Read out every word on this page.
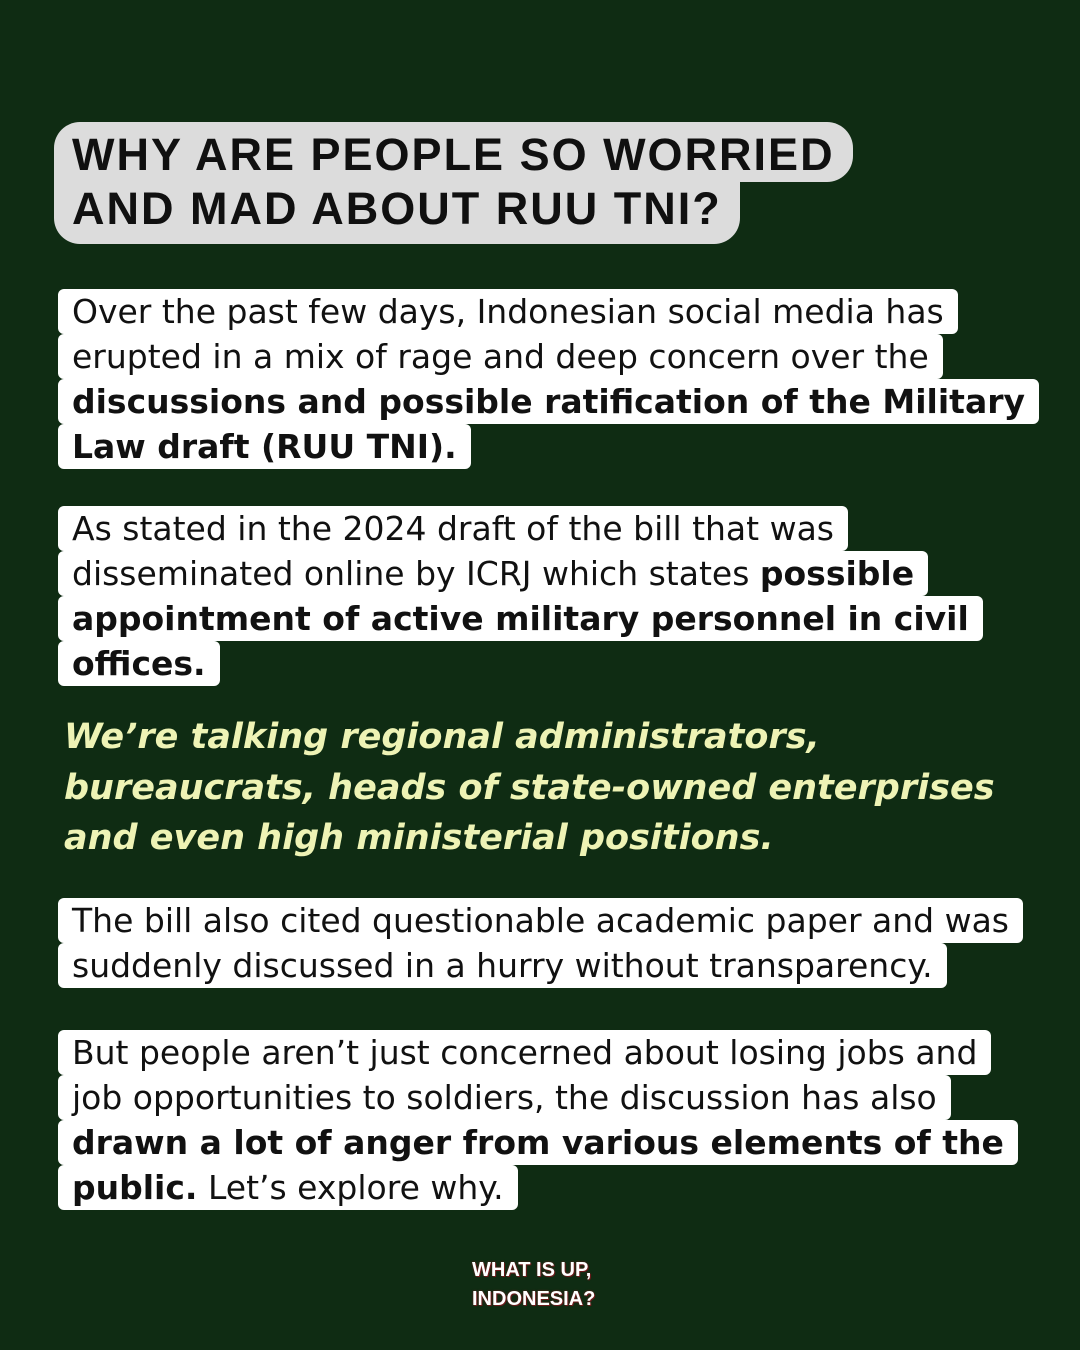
WHY ARE PEOPLE SO WORRIED
AND MAD ABOUT RUU TNI?
Over the past few days, Indonesian social media has
erupted in a mix of rage and deep concern over the
discussions and possible ratification of the Military
Law draft (RUU TNI).
As stated in the 2024 draft of the bill that was
disseminated online by ICRJ which states possible
appointment of active military personnel in civil
offices.
We’re talking regional administrators,
bureaucrats, heads of state-owned enterprises
and even high ministerial positions.
The bill also cited questionable academic paper and was
suddenly discussed in a hurry without transparency.
But people aren’t just concerned about losing jobs and
job opportunities to soldiers, the discussion has also
drawn a lot of anger from various elements of the
public. Let’s explore why.
WHAT IS UP,
INDONESIA?
